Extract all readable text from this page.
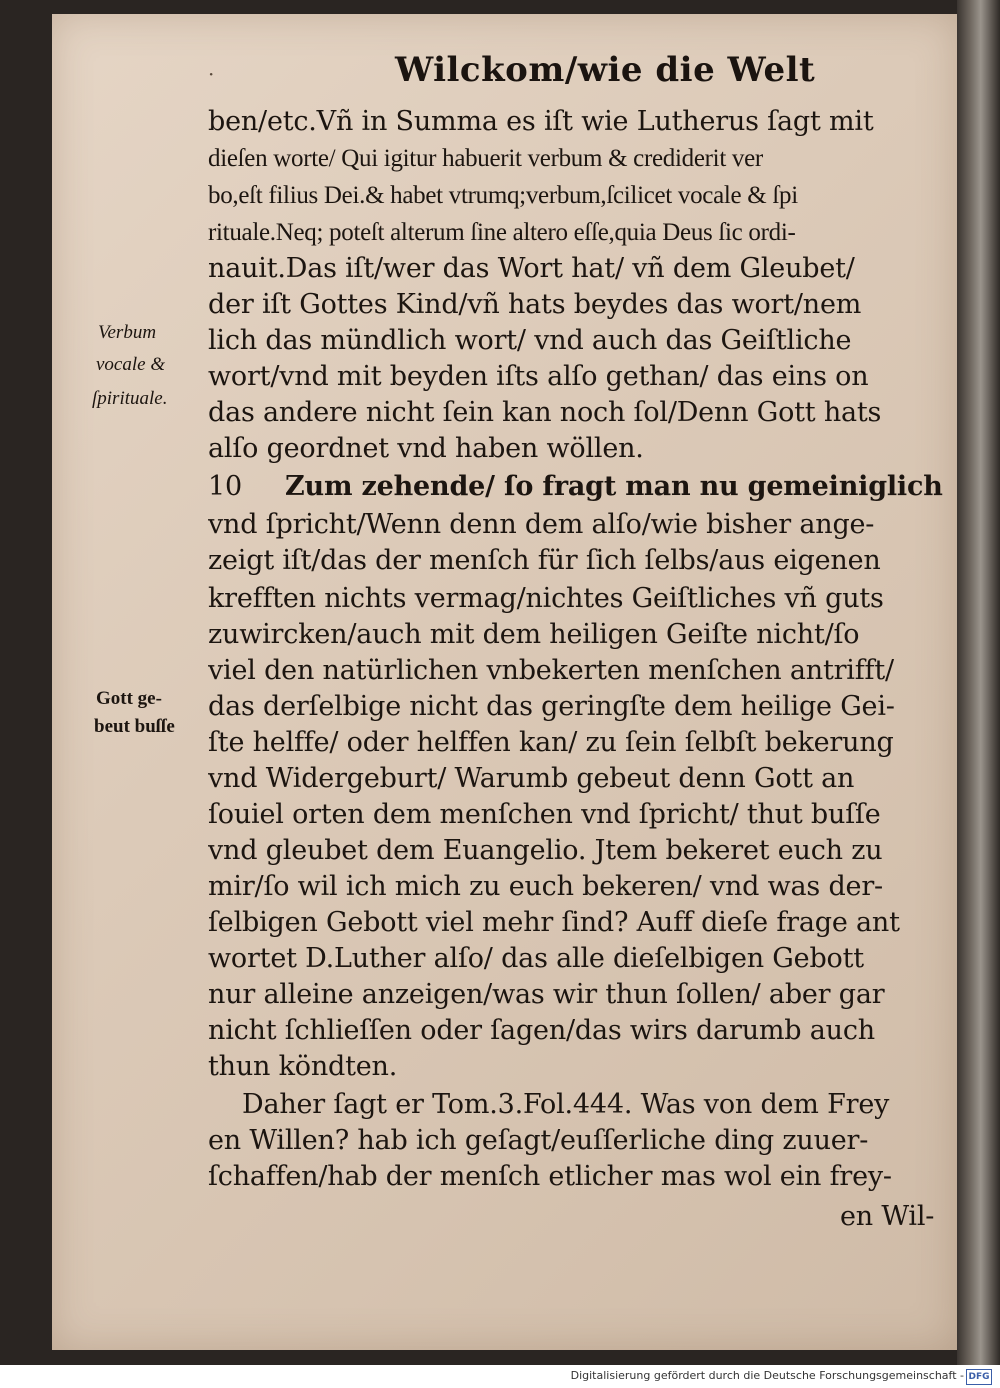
·	Wilckom/wie die Welt
ben/etc.Vñ in Summa es iſt wie Lutherus ſagt mit
dieſen worte/ Qui igitur habuerit verbum & crediderit ver
bo,eſt filius Dei.& habet vtrumq;verbum,ſcilicet vocale & ſpi
rituale.Neq; poteſt alterum ſine altero eſſe,quia Deus ſic ordi-
nauit.Das iſt/wer das Wort hat/ vñ dem Gleubet/
der iſt Gottes Kind/vñ hats beydes das wort/nem
lich das mündlich wort/ vnd auch das Geiſtliche
wort/vnd mit beyden iſts alſo gethan/ das eins on
das andere nicht ſein kan noch ſol/Denn Gott hats
alſo geordnet vnd haben wöllen.
10	Zum zehende/ ſo fragt man nu gemeiniglich
vnd ſpricht/Wenn denn dem alſo/wie bisher ange-
zeigt iſt/das der menſch für ſich ſelbs/aus eigenen
krefften nichts vermag/nichtes Geiſtliches vñ guts
zuwircken/auch mit dem heiligen Geiſte nicht/ſo
viel den natürlichen vnbekerten menſchen antrifft/
das derſelbige nicht das geringſte dem heilige Gei-
ſte helffe/ oder helffen kan/ zu ſein ſelbſt bekerung
vnd Widergeburt/ Warumb gebeut denn Gott an
ſouiel orten dem menſchen vnd ſpricht/ thut buſſe
vnd gleubet dem Euangelio. Jtem bekeret euch zu
mir/ſo wil ich mich zu euch bekeren/ vnd was der-
ſelbigen Gebott viel mehr ſind? Auff dieſe frage ant
wortet D.Luther alſo/ das alle dieſelbigen Gebott
nur alleine anzeigen/was wir thun ſollen/ aber gar
nicht ſchlieſſen oder ſagen/das wirs darumb auch
thun köndten.
Daher ſagt er Tom.3.Fol.444. Was von dem Frey
en Willen? hab ich geſagt/euſſerliche ding zuuer-
ſchaffen/hab der menſch etlicher mas wol ein frey-
en Wil-
Verbum
vocale &
ſpirituale.
Gott ge-
beut buſſe
Digitalisierung gefördert durch die Deutsche Forschungsgemeinschaft - DFG
